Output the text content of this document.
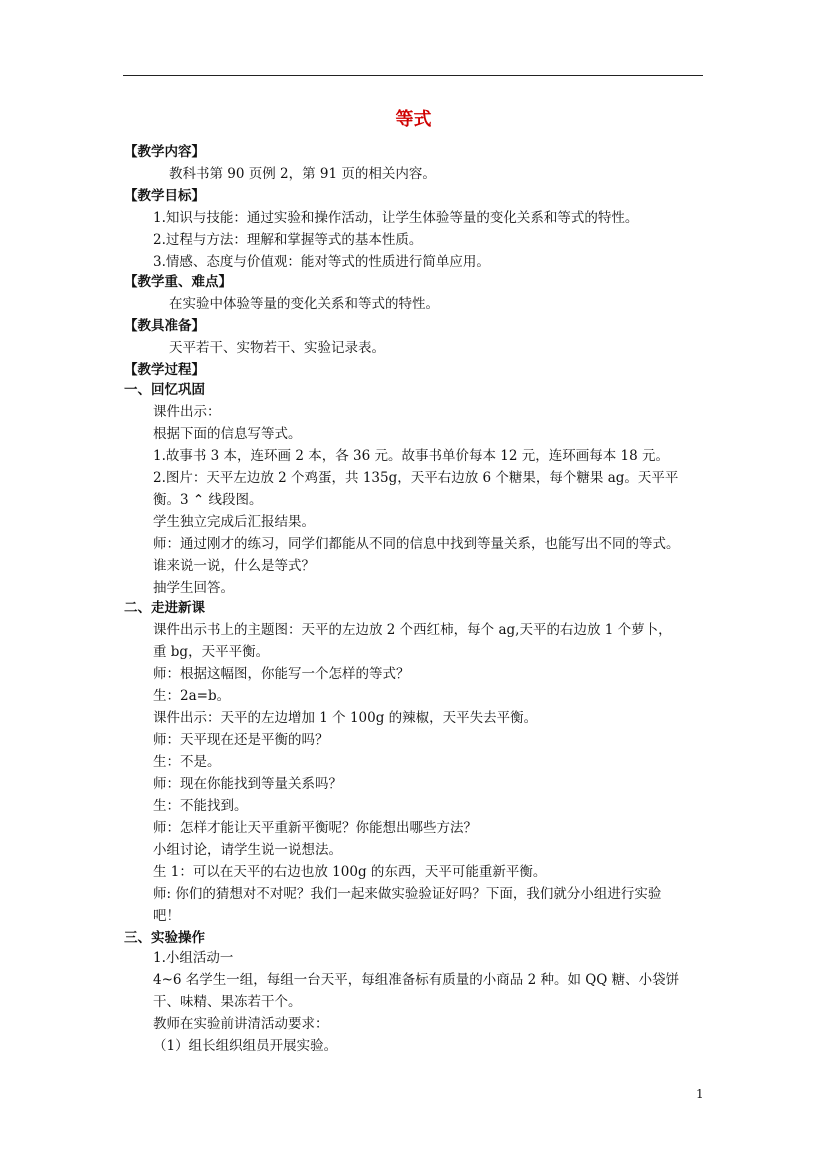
等式
【教学内容】
教科书第 90 页例 2，第 91 页的相关内容。
【教学目标】
1.知识与技能：通过实验和操作活动，让学生体验等量的变化关系和等式的特性。
2.过程与方法：理解和掌握等式的基本性质。
3.情感、态度与价值观：能对等式的性质进行简单应用。
【教学重、难点】
在实验中体验等量的变化关系和等式的特性。
【教具准备】
天平若干、实物若干、实验记录表。
【教学过程】
一、回忆巩固
课件出示：
根据下面的信息写等式。
1.故事书 3 本，连环画 2 本，各 36 元。故事书单价每本 12 元，连环画每本 18 元。
2.图片：天平左边放 2 个鸡蛋，共 135g，天平右边放 6 个糖果，每个糖果 ag。天平平
衡。3 ⌃ 线段图。
学生独立完成后汇报结果。
师：通过刚才的练习，同学们都能从不同的信息中找到等量关系，也能写出不同的等式。
谁来说一说，什么是等式？
抽学生回答。
二、走进新课
课件出示书上的主题图：天平的左边放 2 个西红柿，每个 ag,天平的右边放 1 个萝卜，
重 bg，天平平衡。
师：根据这幅图，你能写一个怎样的等式？
生：2a=b。
课件出示：天平的左边增加 1 个 100g 的辣椒，天平失去平衡。
师：天平现在还是平衡的吗？
生：不是。
师：现在你能找到等量关系吗？
生：不能找到。
师：怎样才能让天平重新平衡呢？你能想出哪些方法？
小组讨论，请学生说一说想法。
生 1：可以在天平的右边也放 100g 的东西，天平可能重新平衡。
师: 你们的猜想对不对呢？我们一起来做实验验证好吗？下面，我们就分小组进行实验
吧！
三、实验操作
1.小组活动一
4~6 名学生一组，每组一台天平，每组准备标有质量的小商品 2 种。如 QQ 糖、小袋饼
干、味精、果冻若干个。
教师在实验前讲清活动要求：
（1）组长组织组员开展实验。
1
